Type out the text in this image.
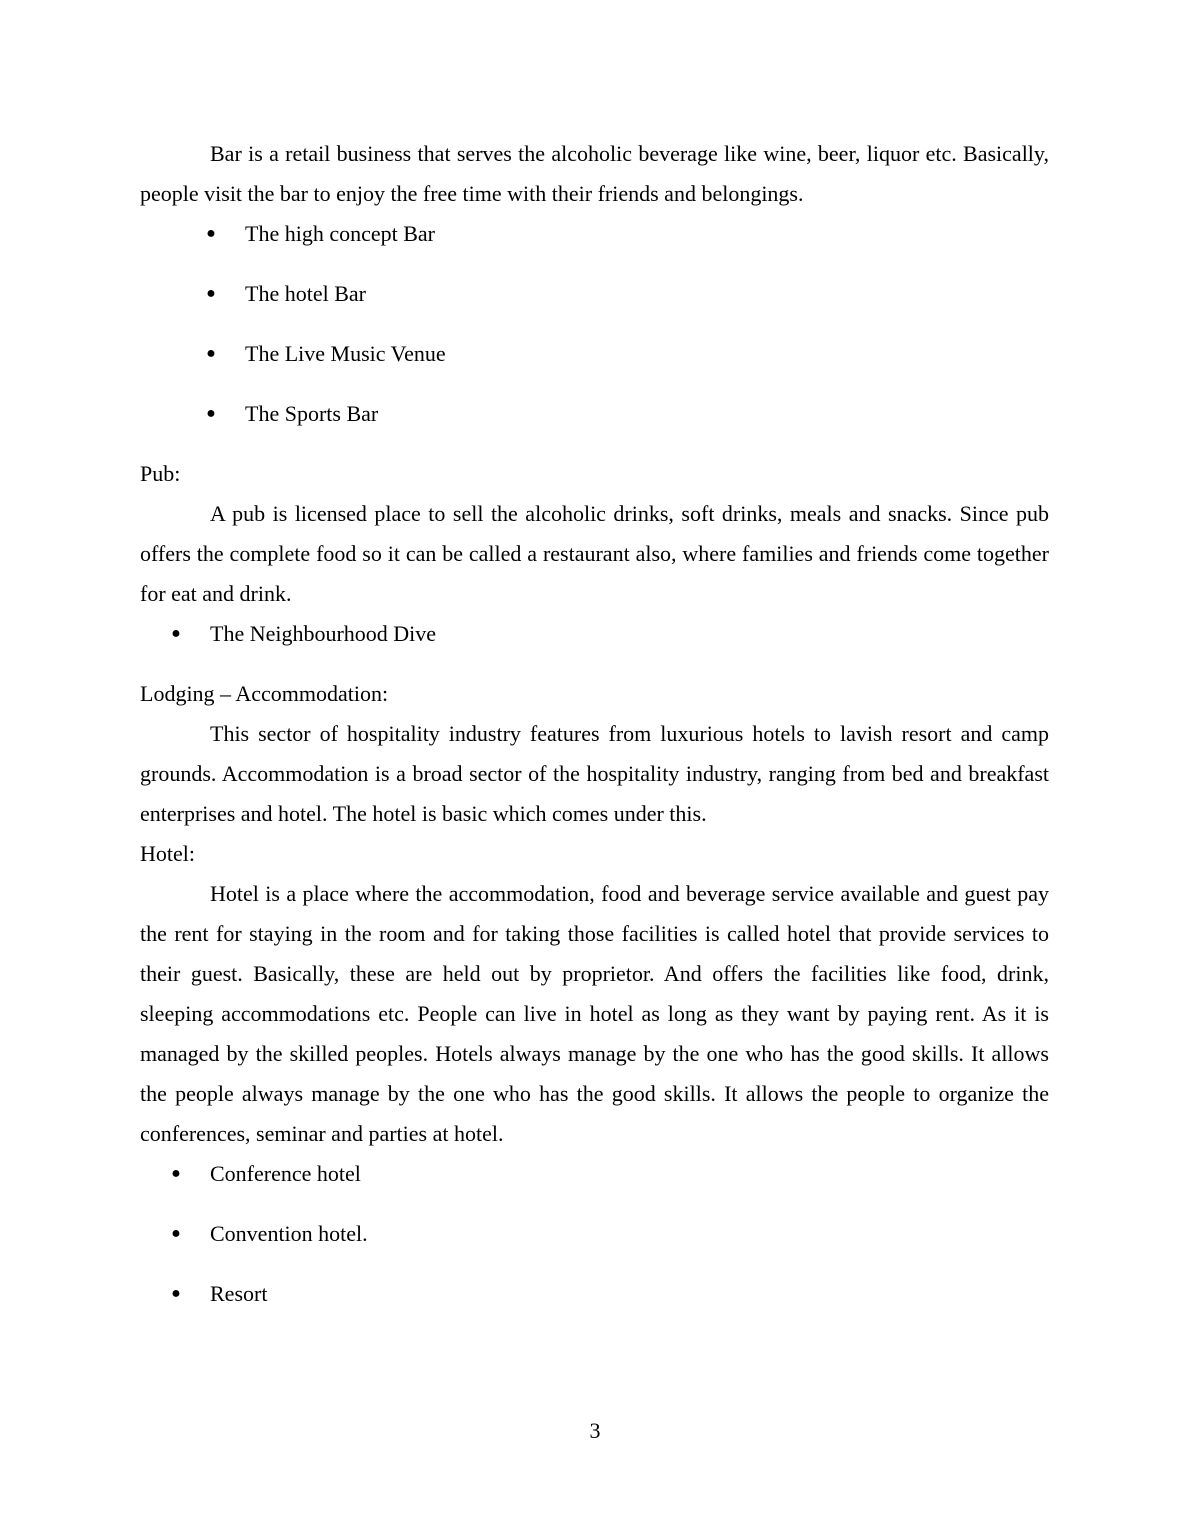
Bar is a retail business that serves the alcoholic beverage like wine, beer, liquor etc. Basically, people visit the bar to enjoy the free time with their friends and belongings.

● The high concept Bar
● The hotel Bar
● The Live Music Venue
● The Sports Bar

Pub:

A pub is licensed place to sell the alcoholic drinks, soft drinks, meals and snacks. Since pub offers the complete food so it can be called a restaurant also, where families and friends come together for eat and drink.

● The Neighbourhood Dive

Lodging – Accommodation:

This sector of hospitality industry features from luxurious hotels to lavish resort and camp grounds. Accommodation is a broad sector of the hospitality industry, ranging from bed and breakfast enterprises and hotel. The hotel is basic which comes under this.

Hotel:

Hotel is a place where the accommodation, food and beverage service available and guest pay the rent for staying in the room and for taking those facilities is called hotel that provide services to their guest. Basically, these are held out by proprietor. And offers the facilities like food, drink, sleeping accommodations etc. People can live in hotel as long as they want by paying rent. As it is managed by the skilled peoples. Hotels always manage by the one who has the good skills. It allows the people always manage by the one who has the good skills. It allows the people to organize the conferences, seminar and parties at hotel.

● Conference hotel
● Convention hotel.
● Resort
3
